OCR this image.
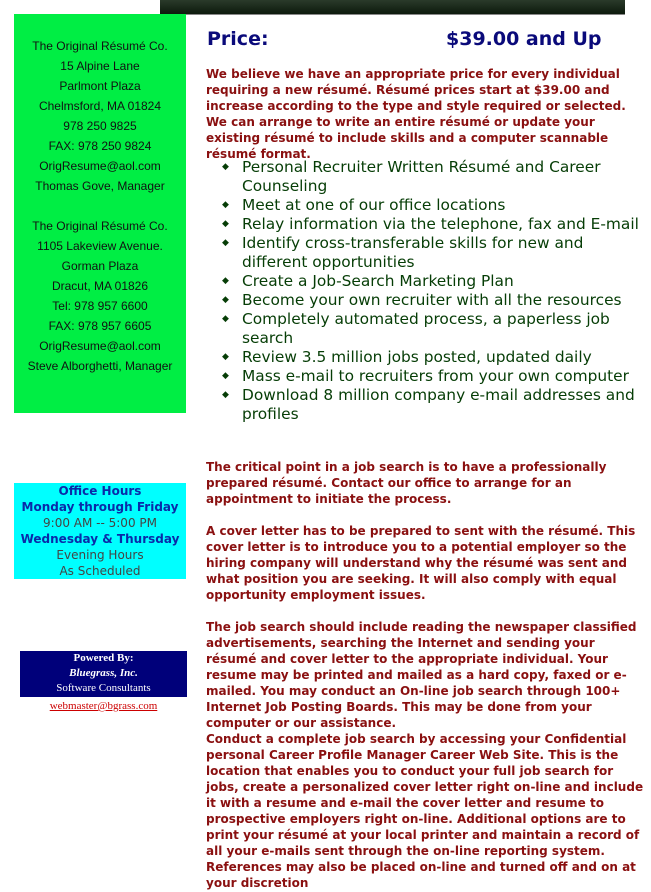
The Original Résumé Co.
15 Alpine Lane
Parlmont Plaza
Chelmsford, MA 01824
978 250 9825
FAX: 978 250 9824
OrigResume@aol.com
Thomas Gove, Manager
The Original Résumé Co.
1105 Lakeview Avenue.
Gorman Plaza
Dracut, MA 01826
Tel: 978 957 6600
FAX: 978 957 6605
OrigResume@aol.com
Steve Alborghetti, Manager
Office Hours
Monday through Friday
9:00 AM -- 5:00 PM
Wednesday & Thursday
Evening Hours
As Scheduled
Powered By:
Bluegrass, Inc.
Software Consultants
webmaster@bgrass.com
Price:	$39.00 and Up

We believe we have an appropriate price for every individual requiring a new résumé. Résumé prices start at $39.00 and increase according to the type and style required or selected. We can arrange to write an entire résumé or update your existing résumé to include skills and a computer scannable résumé format.

◆ Personal Recruiter Written Résumé and Career Counseling
◆ Meet at one of our office locations
◆ Relay information via the telephone, fax and E-mail
◆ Identify cross-transferable skills for new and different opportunities
◆ Create a Job-Search Marketing Plan
◆ Become your own recruiter with all the resources
◆ Completely automated process, a paperless job search
◆ Review 3.5 million jobs posted, updated daily
◆ Mass e-mail to recruiters from your own computer
◆ Download 8 million company e-mail addresses and profiles

The critical point in a job search is to have a professionally prepared résumé. Contact our office to arrange for an appointment to initiate the process.

A cover letter has to be prepared to sent with the résumé. This cover letter is to introduce you to a potential employer so the hiring company will understand why the résumé was sent and what position you are seeking. It will also comply with equal opportunity employment issues.

The job search should include reading the newspaper classified advertisements, searching the Internet and sending your résumé and cover letter to the appropriate individual. Your resume may be printed and mailed as a hard copy, faxed or e-mailed. You may conduct an On-line job search through 100+ Internet Job Posting Boards. This may be done from your computer or our assistance.

Conduct a complete job search by accessing your Confidential personal Career Profile Manager Career Web Site. This is the location that enables you to conduct your full job search for jobs, create a personalized cover letter right on-line and include it with a resume and e-mail the cover letter and resume to prospective employers right on-line. Additional options are to print your résumé at your local printer and maintain a record of all your e-mails sent through the on-line reporting system. References may also be placed on-line and turned off and on at your discretion
